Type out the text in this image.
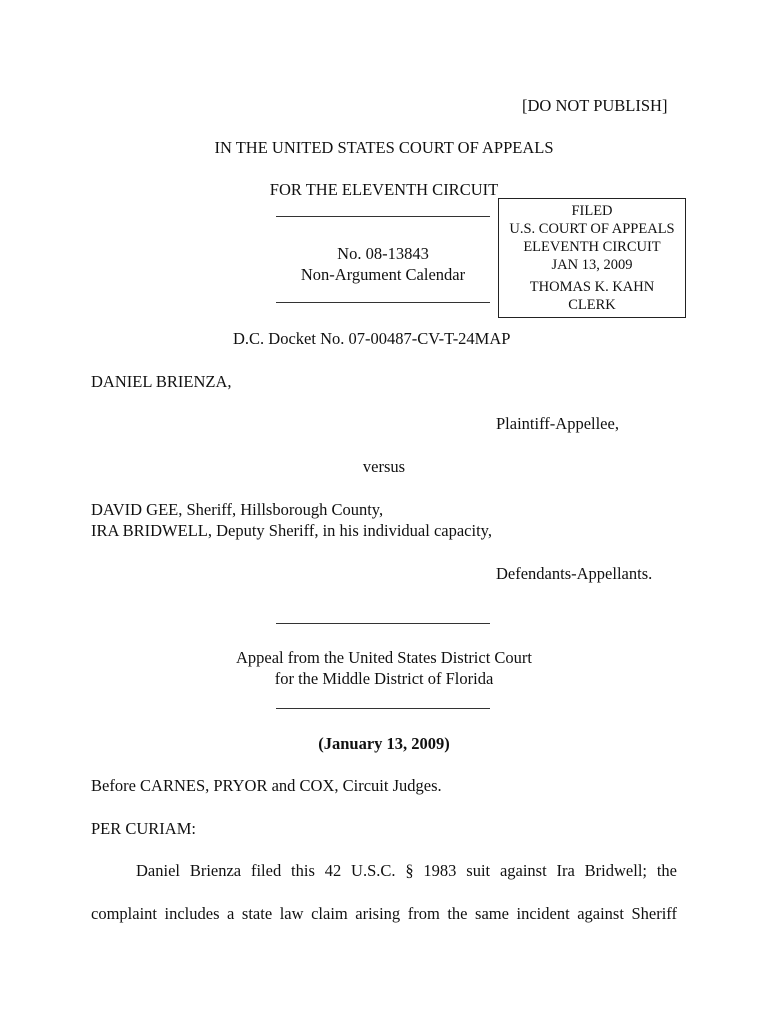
[DO NOT PUBLISH]
IN THE UNITED STATES COURT OF APPEALS
FOR THE ELEVENTH CIRCUIT
No. 08-13843
Non-Argument Calendar
FILED
U.S. COURT OF APPEALS
ELEVENTH CIRCUIT
JAN 13, 2009
THOMAS K. KAHN
CLERK
D.C. Docket No. 07-00487-CV-T-24MAP
DANIEL BRIENZA,
Plaintiff-Appellee,
versus
DAVID GEE, Sheriff, Hillsborough County,
IRA BRIDWELL, Deputy Sheriff, in his individual capacity,
Defendants-Appellants.
Appeal from the United States District Court
for the Middle District of Florida
(January 13, 2009)
Before CARNES, PRYOR and COX, Circuit Judges.
PER CURIAM:
Daniel Brienza filed this 42 U.S.C. § 1983 suit against Ira Bridwell; the
complaint includes a state law claim arising from the same incident against Sheriff
